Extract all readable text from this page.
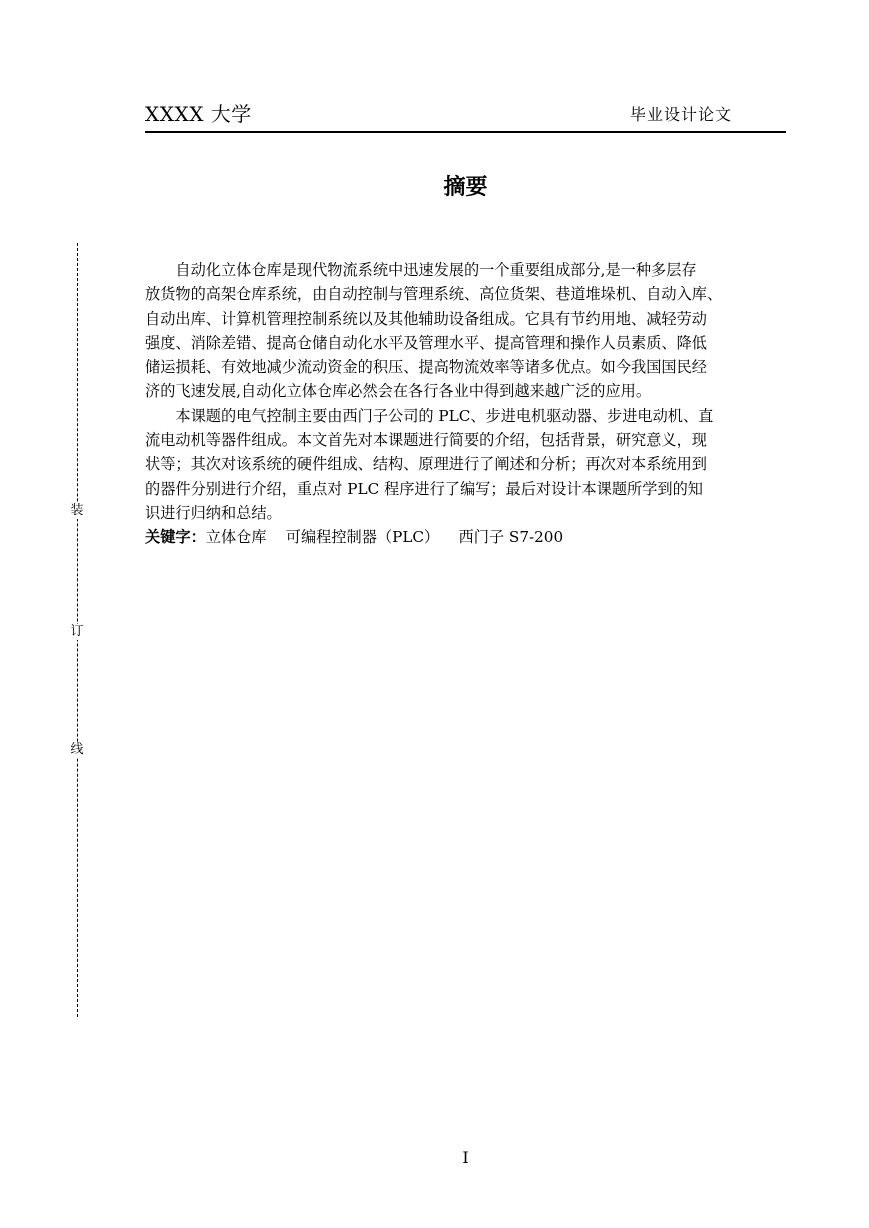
XXXX 大学	毕业设计论文
摘要

自动化立体仓库是现代物流系统中迅速发展的一个重要组成部分,是一种多层存
放货物的高架仓库系统，由自动控制与管理系统、高位货架、巷道堆垛机、自动入库、
自动出库、计算机管理控制系统以及其他辅助设备组成。它具有节约用地、减轻劳动
强度、消除差错、提高仓储自动化水平及管理水平、提高管理和操作人员素质、降低
储运损耗、有效地减少流动资金的积压、提高物流效率等诸多优点。如今我国国民经
济的飞速发展,自动化立体仓库必然会在各行各业中得到越来越广泛的应用。

本课题的电气控制主要由西门子公司的 PLC、步进电机驱动器、步进电动机、直
流电动机等器件组成。本文首先对本课题进行简要的介绍，包括背景，研究意义，现
状等；其次对该系统的硬件组成、结构、原理进行了阐述和分析；再次对本系统用到
的器件分别进行介绍，重点对 PLC 程序进行了编写；最后对设计本课题所学到的知
识进行归纳和总结。

关键字：立体仓库    可编程控制器（PLC）    西门子 S7-200

装
订
线
I
